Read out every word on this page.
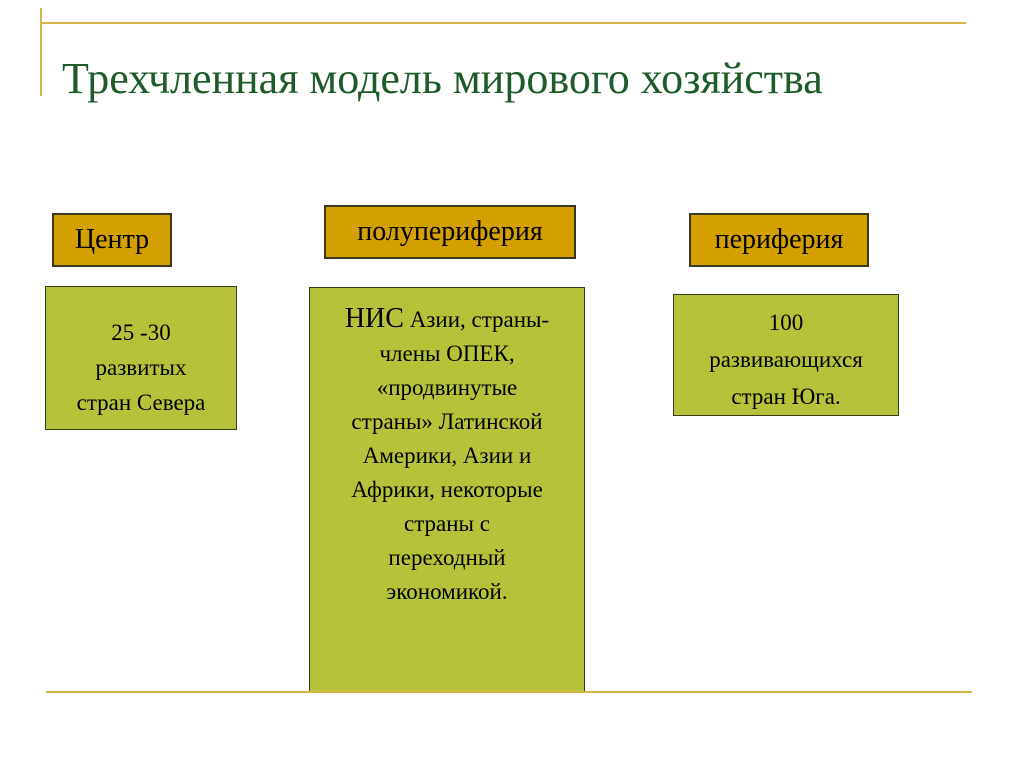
Трехчленная модель мирового хозяйства
Центр
25 -30
развитых
стран Севера
полупериферия
НИС Азии, страны-
члены ОПЕК,
«продвинутые
страны» Латинской
Америки, Азии и
Африки, некоторые
страны с
переходный
экономикой.
периферия
100
развивающихся
стран Юга.
